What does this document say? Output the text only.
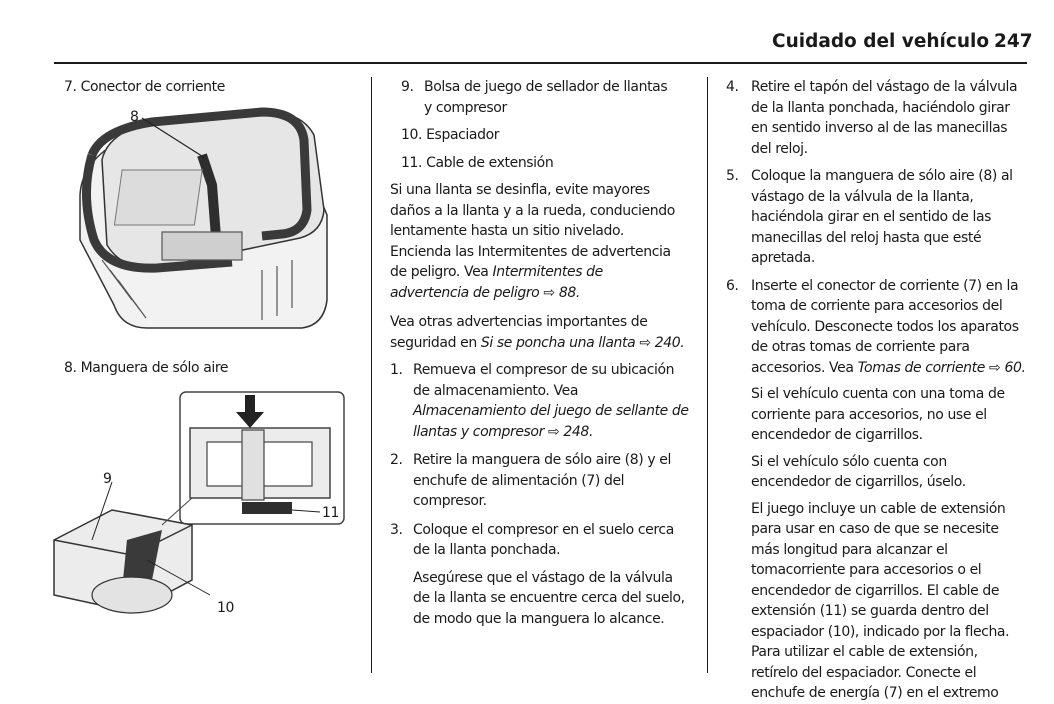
Cuidado del vehículo 247
7. Conector de corriente
8
8. Manguera de sólo aire
9
10
11
9. Bolsa de juego de sellador de llantas

y compresor

10. Espaciador

11. Cable de extensión

Si una llanta se desinfla, evite mayores daños a la llanta y a la rueda, conduciendo lentamente hasta un sitio nivelado. Encienda las Intermitentes de advertencia de peligro. Vea Intermitentes de advertencia de peligro ⇨ 88.

Vea otras advertencias importantes de seguridad en Si se poncha una llanta ⇨ 240.

1. Remueva el compresor de su ubicación de almacenamiento. Vea Almacenamiento del juego de sellante de llantas y compresor ⇨ 248.

2. Retire la manguera de sólo aire (8) y el enchufe de alimentación (7) del compresor.

3. Coloque el compresor en el suelo cerca de la llanta ponchada.

Asegúrese que el vástago de la válvula de la llanta se encuentre cerca del suelo, de modo que la manguera lo alcance.

4. Retire el tapón del vástago de la válvula de la llanta ponchada, haciéndolo girar en sentido inverso al de las manecillas del reloj.

5. Coloque la manguera de sólo aire (8) al vástago de la válvula de la llanta, haciéndola girar en el sentido de las manecillas del reloj hasta que esté apretada.

6. Inserte el conector de corriente (7) en la toma de corriente para accesorios del vehículo. Desconecte todos los aparatos de otras tomas de corriente para accesorios. Vea Tomas de corriente ⇨ 60.

Si el vehículo cuenta con una toma de corriente para accesorios, no use el encendedor de cigarrillos.

Si el vehículo sólo cuenta con encendedor de cigarrillos, úselo.

El juego incluye un cable de extensión para usar en caso de que se necesite más longitud para alcanzar el tomacorriente para accesorios o el encendedor de cigarrillos. El cable de extensión (11) se guarda dentro del espaciador (10), indicado por la flecha. Para utilizar el cable de extensión, retírelo del espaciador. Conecte el enchufe de energía (7) en el extremo
